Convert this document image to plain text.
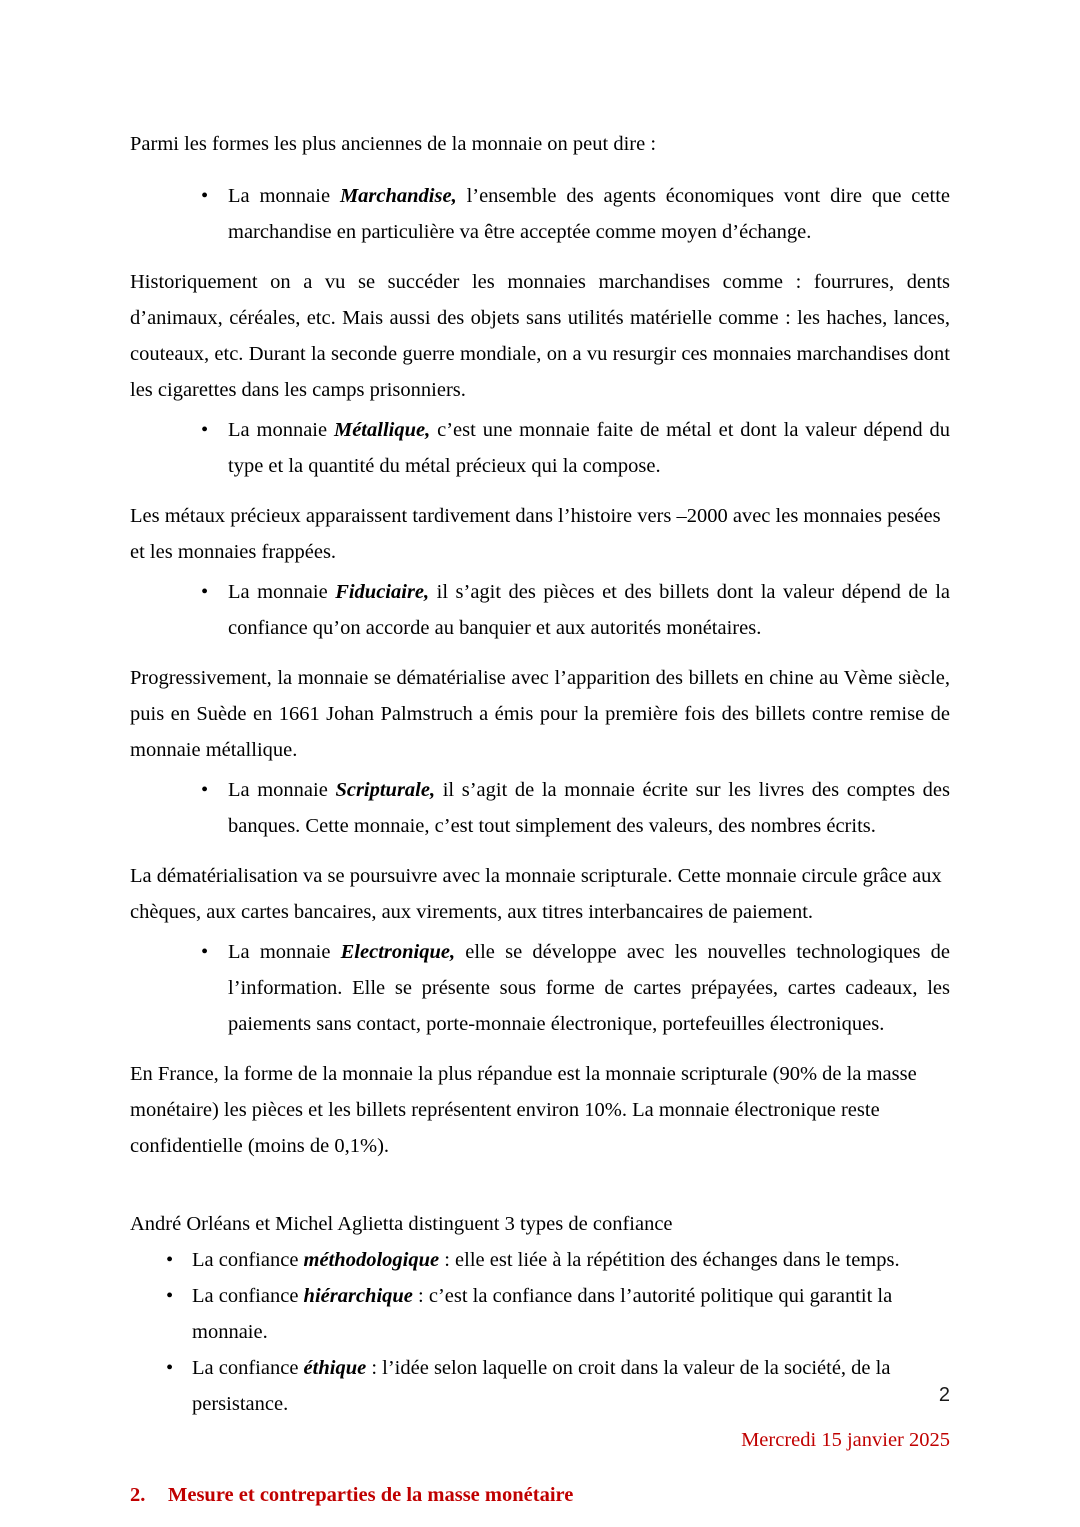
Parmi les formes les plus anciennes de la monnaie on peut dire :

• La monnaie Marchandise, l’ensemble des agents économiques vont dire que cette marchandise en particulière va être acceptée comme moyen d’échange.

Historiquement on a vu se succéder les monnaies marchandises comme : fourrures, dents d’animaux, céréales, etc. Mais aussi des objets sans utilités matérielle comme : les haches, lances, couteaux, etc. Durant la seconde guerre mondiale, on a vu resurgir ces monnaies marchandises dont les cigarettes dans les camps prisonniers.

• La monnaie Métallique, c’est une monnaie faite de métal et dont la valeur dépend du type et la quantité du métal précieux qui la compose.

Les métaux précieux apparaissent tardivement dans l’histoire vers –2000 avec les monnaies pesées et les monnaies frappées.

• La monnaie Fiduciaire, il s’agit des pièces et des billets dont la valeur dépend de la confiance qu’on accorde au banquier et aux autorités monétaires.

Progressivement, la monnaie se dématérialise avec l’apparition des billets en chine au Vème siècle, puis en Suède en 1661 Johan Palmstruch a émis pour la première fois des billets contre remise de monnaie métallique.

• La monnaie Scripturale, il s’agit de la monnaie écrite sur les livres des comptes des banques. Cette monnaie, c’est tout simplement des valeurs, des nombres écrits.

La dématérialisation va se poursuivre avec la monnaie scripturale. Cette monnaie circule grâce aux chèques, aux cartes bancaires, aux virements, aux titres interbancaires de paiement.

• La monnaie Electronique, elle se développe avec les nouvelles technologiques de l’information. Elle se présente sous forme de cartes prépayées, cartes cadeaux, les paiements sans contact, porte-monnaie électronique, portefeuilles électroniques.

En France, la forme de la monnaie la plus répandue est la monnaie scripturale (90% de la masse monétaire) les pièces et les billets représentent environ 10%. La monnaie électronique reste confidentielle (moins de 0,1%).

André Orléans et Michel Aglietta distinguent 3 types de confiance

• La confiance méthodologique : elle est liée à la répétition des échanges dans le temps.
• La confiance hiérarchique : c’est la confiance dans l’autorité politique qui garantit la monnaie.
• La confiance éthique : l’idée selon laquelle on croit dans la valeur de la société, de la persistance.

Mercredi 15 janvier 2025

2. Mesure et contreparties de la masse monétaire

2
